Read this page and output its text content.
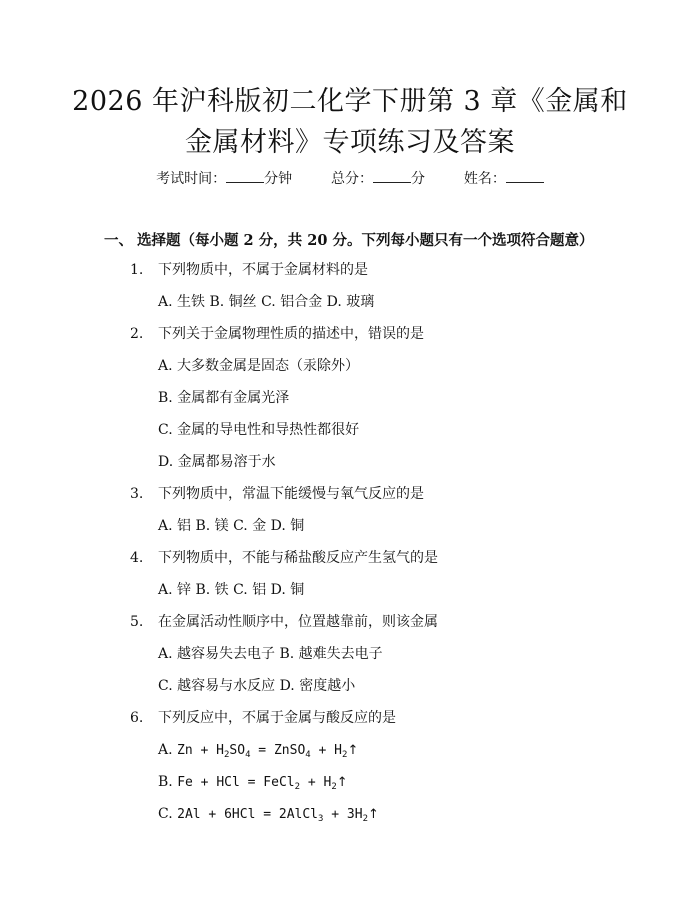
2026 年沪科版初二化学下册第 3 章《金属和
金属材料》专项练习及答案
考试时间：	分钟	总分：	分	姓名：
一、 选择题（每小题 2 分，共 20 分。下列每小题只有一个选项符合题意）
1. 下列物质中，不属于金属材料的是
A. 生铁 B. 铜丝 C. 铝合金 D. 玻璃
2. 下列关于金属物理性质的描述中，错误的是
A. 大多数金属是固态（汞除外）
B. 金属都有金属光泽
C. 金属的导电性和导热性都很好
D. 金属都易溶于水
3. 下列物质中，常温下能缓慢与氧气反应的是
A. 铝 B. 镁 C. 金 D. 铜
4. 下列物质中，不能与稀盐酸反应产生氢气的是
A. 锌 B. 铁 C. 铝 D. 铜
5. 在金属活动性顺序中，位置越靠前，则该金属
A. 越容易失去电子 B. 越难失去电子
C. 越容易与水反应 D. 密度越小
6. 下列反应中，不属于金属与酸反应的是
A. $Zn + H_2SO_4$ = ZnSO$_4$ + $H_2↑$
B. Fe + HCl = FeCl$_2$ + $H_2↑$
C. 2Al + 6HCl = 2AlCl$_3$ + $3H_2↑$
